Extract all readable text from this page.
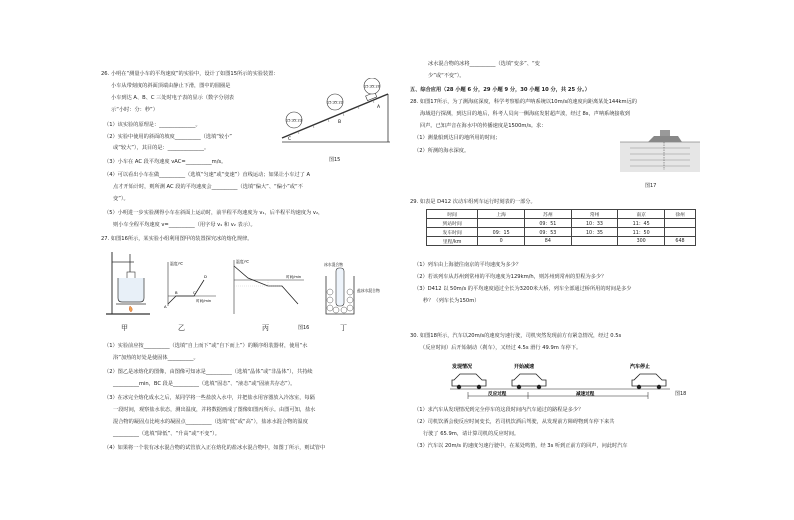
26. 小明在“测量小车的平均速度”的实验中，设计了如图15所示的实验装置：
小车从带刻度的斜面顶端由静止下滑，图中的圆圈是
小车到达 A、B、C 三处时电子表的显示（数字分别表
示“小时：分：秒”）
（1）该实验的原理是：______________。
（2）实验中使用的斜面的坡度__________（选填“较小”
或“较大”），其目的是：______________。
（3）小车在 AC 段平均速度 vAC=__________m/s。
（4）可以看出小车在做__________（选填“匀速”或“变速”）直线运动；如果让小车过了 A
点才开始计时，则所测 AC 段的平均速度会__________（选填“偏大”、“偏小”或“不
变”）。
（5）小明进一步实验测得小车在斜面上运动时，前半程平均速度为 v₁，后半程平均速度为 v₂，
则小车全程平均速度 v=__________（用字母 v₁ 和 v₂ 表示）。
15:35:20
15:35:22
15:35:23
A
B
C
图15
27. 如图16所示，某实验小组利用图甲的装置探究冰的熔化规律。
甲
温度/℃
时间/min
B	C
D
A
乙
温度/℃
时间/min
丙	图16
冰水混合物
盐冰水混合物
丁
（1）实验前应按__________（选填“自上而下”或“自下而上”）的顺序组装器材，使用“水
浴”加热的好处是使固体__________。
（2）图乙是冰熔化的图像，由图像可知冰是__________（选填“晶体”或“非晶体”），共持续
__________min，BC 段是__________（选填“固态”、“液态”或“固液共存态”）。
（3）在冰完全熔化成水之后，某同学将一些盐放入水中，并把盐水用容器放入冷冻室，每隔
一段时间，观察盐水状态，测出温度，并将数据画成了图像如图丙所示。由图可知，盐水
混合物的凝固点比纯水的凝固点__________（选填“低”或“高”），盐冰水混合物的温度
__________（选填“降低”、“升高”或“不变”）。
（4）如果将一个装有冰水混合物的试管放入正在熔化的盐冰水混合物中，如图丁所示，则试管中
冰水混合物的冰将__________（选填“变多”、“变
少”或“不变”）。
五、综合应用（28 小题 6 分，29 小题 9 分，30 小题 10 分，共 25 分。）
28. 如图17所示，为了测海底深度，科学考察船的声呐系统以10m/s的速度向距离某处144km远的
海域进行探测，到达目的地后，科考人员向一侧海底发射超声波，经过 8s，声呐系统接收到
回声。已知声音在海水中的传播速度是1500m/s。求：
（1）测量船到达目的地所用的时间；
（2）所测的海水深度。
图17
29. 如表是 D412 次动车组列车运行时刻表的一部分。
时间	上海	苏州	常州	南京	徐州
到站时间		09：51	10：33	11：45	
发车时间	09：15	09：53	10：35	11：50	
里程/km	0	84		300	648
（1）列车由上海驶往南京的平均速度为多少？
（2）若该列车从苏州到常州的平均速度为129km/h，则苏州到常州的里程为多少？
（3）D412 以 50m/s 的平均速度通过全长为3200米大桥，列车全部通过桥所用的时间是多少
秒？（列车长为150m）
30. 如图18所示，汽车以20m/s的速度匀速行驶，司机突然发现前方有紧急情况，经过 0.5s
（反应时间）后开始制动（刹车），又经过 4.5s 滑行 49.9m 车停下。
发现情况	开始减速	汽车停止
反应过程	减速过程	图18
（1）求汽车从发现情况到完全停车的这段时间内汽车通过的路程是多少？
（2）司机饮酒会使反应时间变长，若司机饮酒后驾驶，从发现前方障碍物到车停下来共
行驶了 65.9m，请计算司机的反应时间。
（3）汽车以 20m/s 的速度匀速行驶中，在某处鸣笛，经 3s 听到正前方的回声，问此时汽车
